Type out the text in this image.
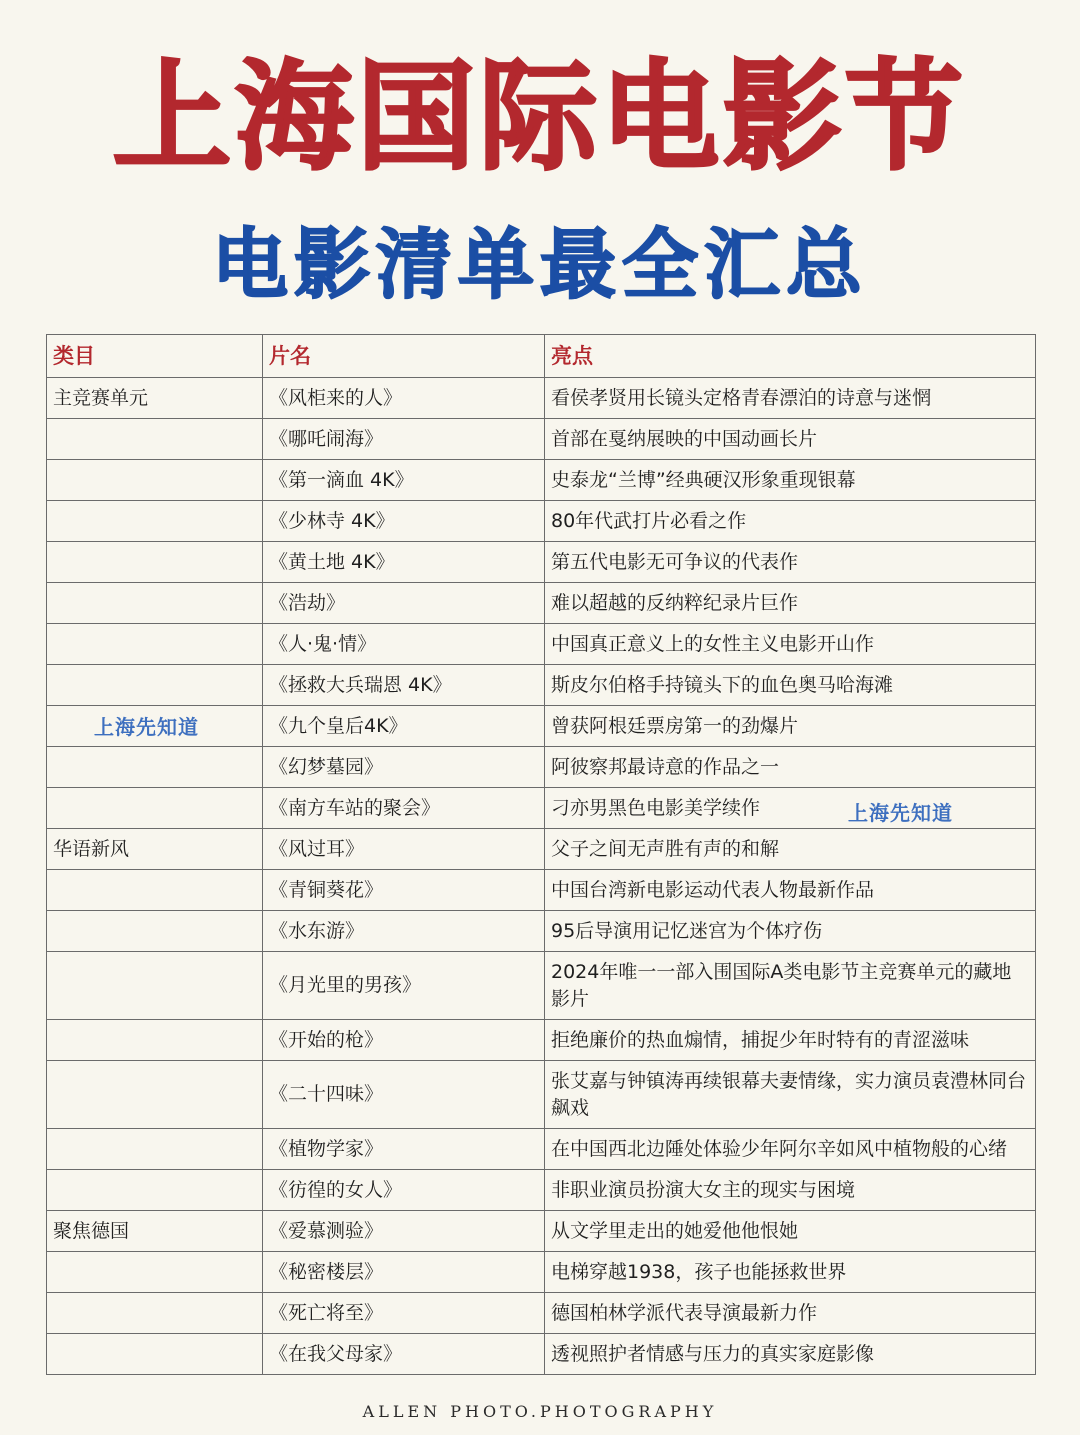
上海国际电影节
电影清单最全汇总
类目	片名	亮点
主竞赛单元	《风柜来的人》	看侯孝贤用长镜头定格青春漂泊的诗意与迷惘
	《哪吒闹海》	首部在戛纳展映的中国动画长片
	《第一滴血 4K》	史泰龙“兰博”经典硬汉形象重现银幕
	《少林寺 4K》	80年代武打片必看之作
	《黄土地 4K》	第五代电影无可争议的代表作
	《浩劫》	难以超越的反纳粹纪录片巨作
	《人·鬼·情》	中国真正意义上的女性主义电影开山作
	《拯救大兵瑞恩 4K》	斯皮尔伯格手持镜头下的血色奥马哈海滩
	《九个皇后4K》	曾获阿根廷票房第一的劲爆片
	《幻梦墓园》	阿彼察邦最诗意的作品之一
	《南方车站的聚会》	刁亦男黑色电影美学续作
华语新风	《风过耳》	父子之间无声胜有声的和解
	《青铜葵花》	中国台湾新电影运动代表人物最新作品
	《水东游》	95后导演用记忆迷宫为个体疗伤
	《月光里的男孩》	2024年唯一一部入围国际A类电影节主竞赛单元的藏地影片
	《开始的枪》	拒绝廉价的热血煽情，捕捉少年时特有的青涩滋味
	《二十四味》	张艾嘉与钟镇涛再续银幕夫妻情缘，实力演员袁澧林同台飙戏
	《植物学家》	在中国西北边陲处体验少年阿尔辛如风中植物般的心绪
	《彷徨的女人》	非职业演员扮演大女主的现实与困境
聚焦德国	《爱慕测验》	从文学里走出的她爱他他恨她
	《秘密楼层》	电梯穿越1938，孩子也能拯救世界
	《死亡将至》	德国柏林学派代表导演最新力作
	《在我父母家》	透视照护者情感与压力的真实家庭影像
上海先知道
上海先知道
ALLEN PHOTO.PHOTOGRAPHY
